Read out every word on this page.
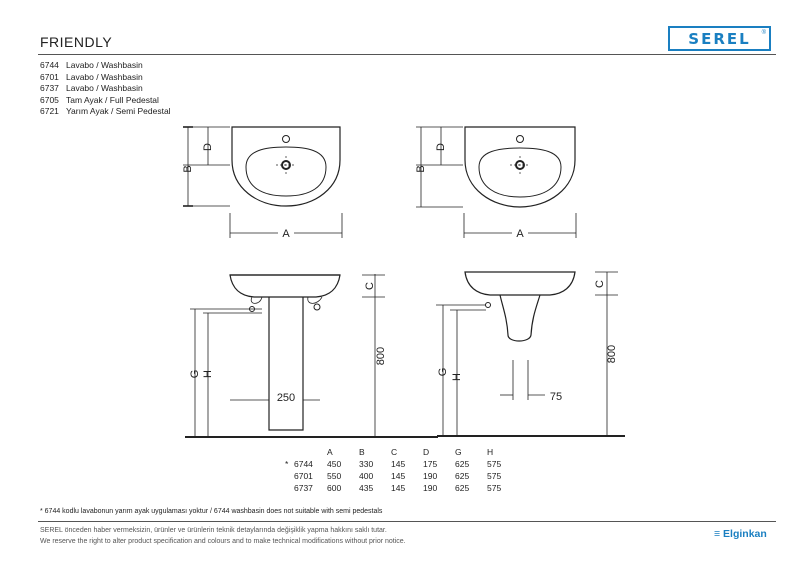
FRIENDLY	SEREL ®
6744 Lavabo / Washbasin
6701 Lavabo / Washbasin
6737 Lavabo / Washbasin
6705 Tam Ayak / Full Pedestal
6721 Yarım Ayak / Semi Pedestal
B
D
A
B
D
A
C
800
G H
250
C
800
G
H
75
		A	B	C	D	G	H
*	6744	450	330	145	175	625	575
	6701	550	400	145	190	625	575
	6737	600	435	145	190	625	575
* 6744 kodlu lavabonun yarım ayak uygulaması yoktur / 6744 washbasin does not suitable with semi pedestals
SEREL önceden haber vermeksizin, ürünler ve ürünlerin teknik detaylarında değişiklik yapma hakkını saklı tutar.
We reserve the right to alter product specification and colours and to make technical modifications without prior notice.
≡ Elginkan
